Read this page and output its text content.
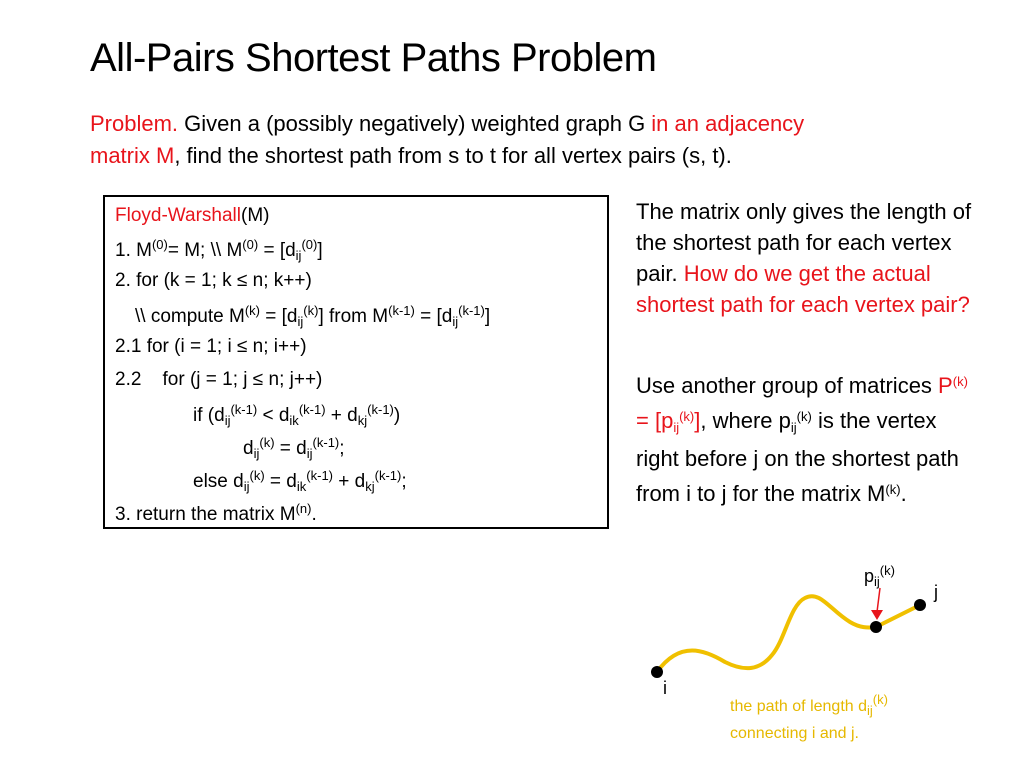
All-Pairs Shortest Paths Problem
Problem. Given a (possibly negatively) weighted graph G in an adjacency
matrix M, find the shortest path from s to t for all vertex pairs (s, t).
Floyd-Warshall(M)
1. $M^{(0)}= M$; \\ $M^{(0)} = [d_{ij}^{(0)}]$
2. for (k = 1; k ≤ n; k++)
\\ compute $M^{(k)} = [d_{ij}^{(k)}]$ from $M^{(k-1)} = [d_{ij}^{(k-1)}]$
2.1 for (i = 1; i ≤ n; i++)
2.2    for (j = 1; j ≤ n; j++)
if $(d_{ij}^{(k-1)} < d_{ik}^{(k-1)} + d_{kj}^{(k-1)})$
$d_{ij}^{(k)} = d_{ij}^{(k-1)}$;
else $d_{ij}^{(k)} = d_{ik}^{(k-1)} + d_{kj}^{(k-1)}$;
3. return the matrix $M^{(n)}$.
The matrix only gives the length of the shortest path for each vertex pair. How do we get the actual shortest path for each vertex pair?
Use another group of matrices $P^{(k)} = [p_{ij}^{(k)}]$, where $p_{ij}^{(k)}$ is the vertex right before j on the shortest path from i to j for the matrix $M^{(k)}$.
$p_{ij}^{(k)}$
j
i
the path of length $d_{ij}^{(k)}$
connecting i and j.
